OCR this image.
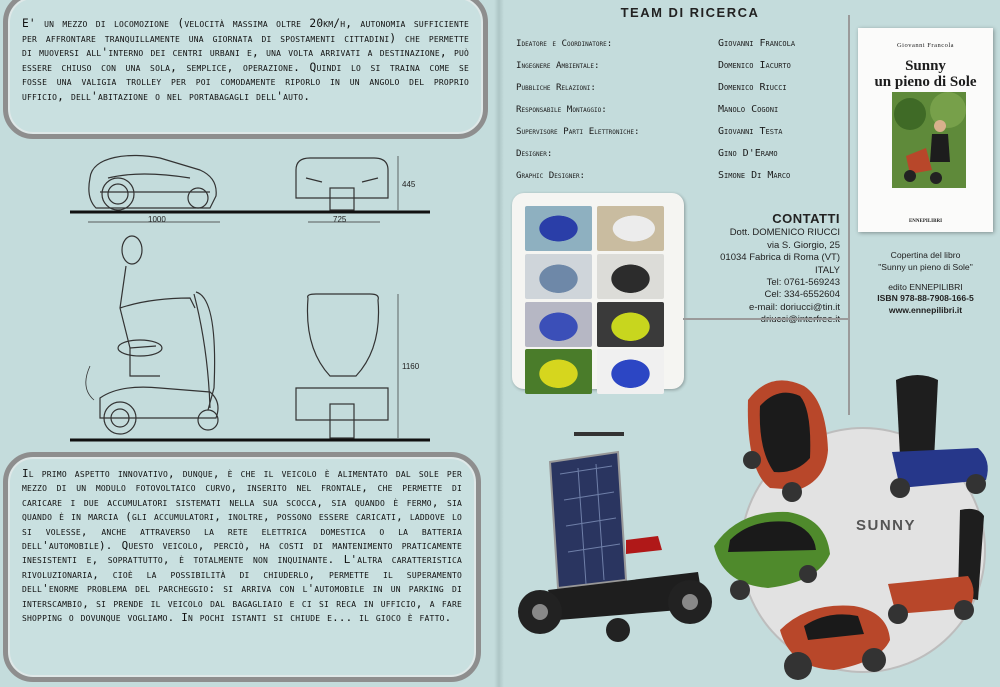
E' un mezzo di locomozione (velocità massima oltre 20km/h, autonomia sufficiente per affrontare tranquillamente una giornata di spostamenti cittadini) che permette di muoversi all'interno dei centri urbani e, una volta arrivati a destinazione, può essere chiuso con una sola, semplice, operazione. Quindi lo si traina come se fosse una valigia trolley per poi comodamente riporlo in un angolo del proprio ufficio, dell'abitazione o nel portabagagli dell'auto.

1000	725
445
1160

Il primo aspetto innovativo, dunque, è che il veicolo è alimentato dal sole per mezzo di un modulo fotovoltaico curvo, inserito nel frontale, che permette di caricare i due accumulatori sistemati nella sua scocca, sia quando è fermo, sia quando è in marcia (gli accumulatori, inoltre, possono essere caricati, laddove lo si volesse, anche attraverso la rete elettrica domestica o la batteria dell'automobile). Questo veicolo, perciò, ha costi di mantenimento praticamente inesistenti e, soprattutto, è totalmente non inquinante. L'altra caratteristica rivoluzionaria, cioè la possibilità di chiuderlo, permette il superamento dell'enorme problema del parcheggio: si arriva con l'automobile in un parking di interscambio, si prende il veicolo dal bagagliaio e ci si reca in ufficio, a fare shopping o dovunque vogliamo. In pochi istanti si chiude e... il gioco è fatto.

TEAM DI RICERCA
Ideatore e Coordinatore:	Giovanni Francola
Ingegnere Ambientale:	Domenico Iacurto
Pubbliche Relazioni:	Domenico Riucci
Responsabile Montaggio:	Manolo Cogoni
Supervisore Parti Elettroniche:	Giovanni Testa
Designer:	Gino D'Eramo
Graphic Designer:	Simone Di Marco
CONTATTI
Dott. DOMENICO RIUCCI
via S. Giorgio, 25
01034 Fabrica di Roma (VT)
ITALY
Tel: 0761-569243
Cel: 334-6552604
e-mail: doriucci@tin.it
Giovanni Francola
Sunny
un pieno di Sole
ENNEPILIBRI
Copertina del libro
"Sunny un pieno di Sole"
edito ENNEPILIBRI
ISBN 978-88-7908-166-5
www.ennepilibri.it
SUNNY
